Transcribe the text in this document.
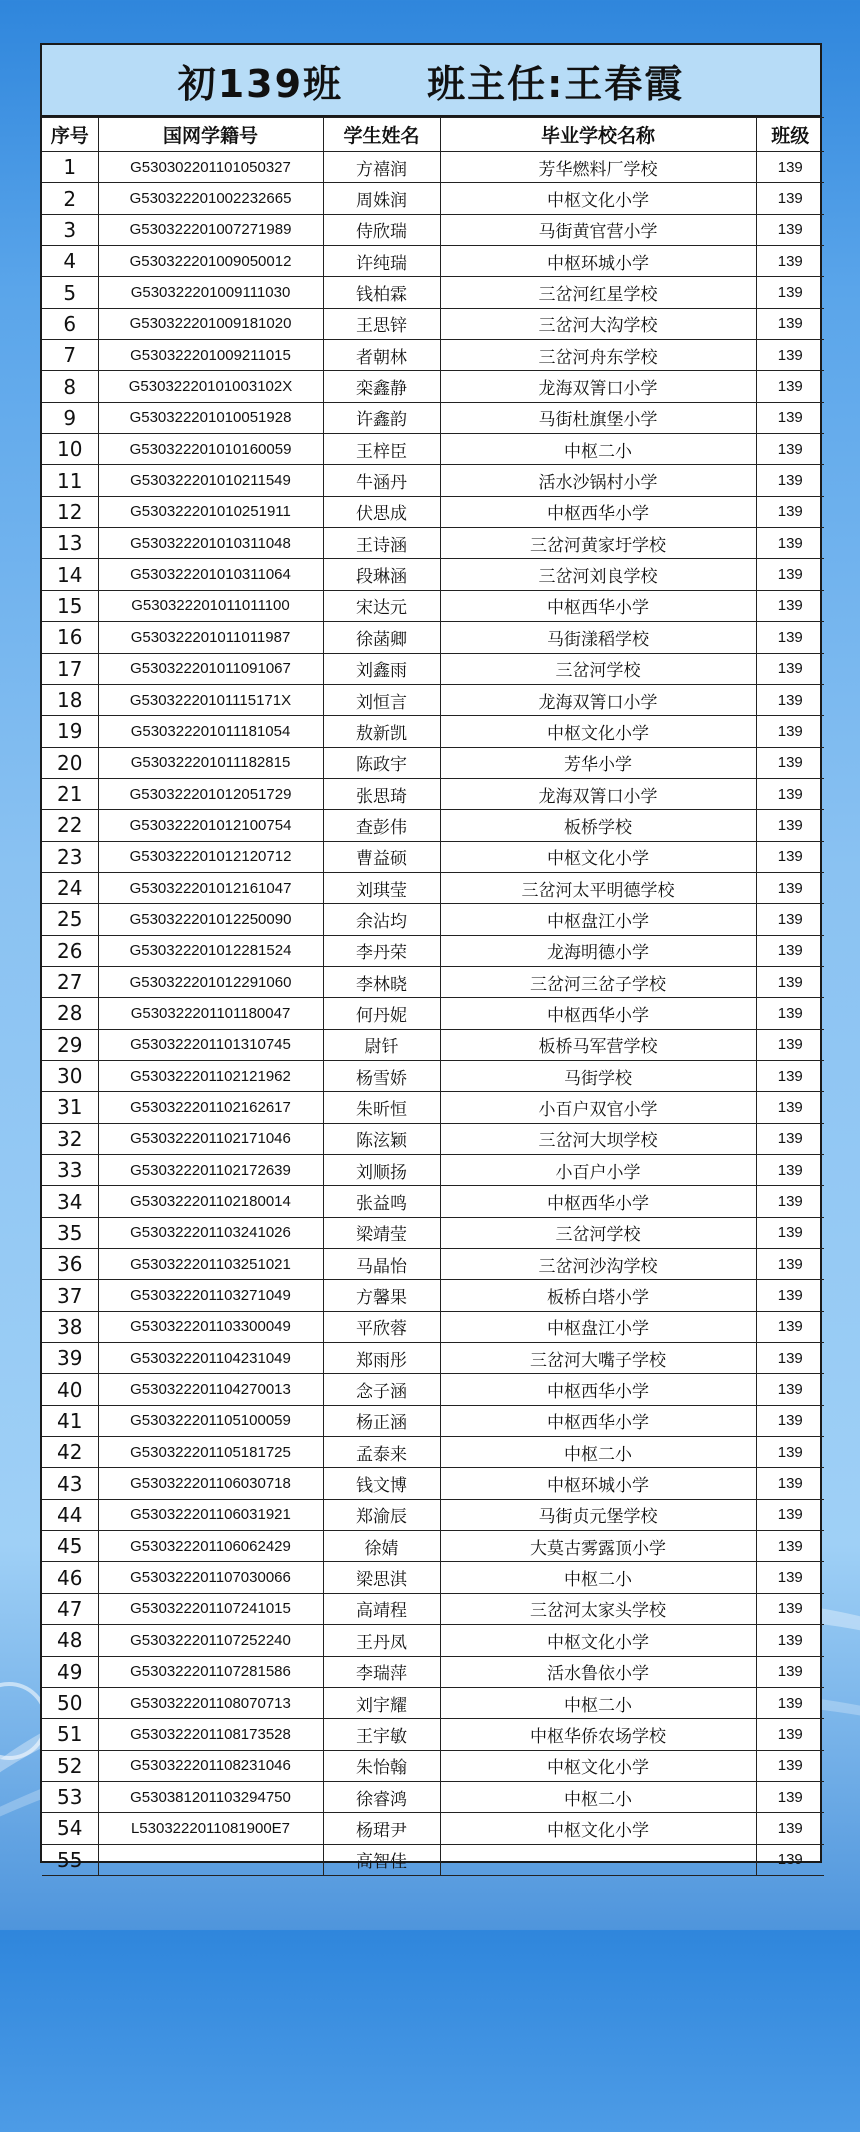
初139班 班主任:王春霞
序号	国网学籍号	学生姓名	毕业学校名称	班级
1	G530302201101050327	方禧润	芳华燃料厂学校	139
2	G530322201002232665	周姝润	中枢文化小学	139
3	G530322201007271989	侍欣瑞	马街黄官营小学	139
4	G530322201009050012	许纯瑞	中枢环城小学	139
5	G530322201009111030	钱柏霖	三岔河红星学校	139
6	G530322201009181020	王思锌	三岔河大沟学校	139
7	G530322201009211015	者朝林	三岔河舟东学校	139
8	G53032220101003102X	栾鑫静	龙海双箐口小学	139
9	G530322201010051928	许鑫韵	马街杜旗堡小学	139
10	G530322201010160059	王梓臣	中枢二小	139
11	G530322201010211549	牛涵丹	活水沙锅村小学	139
12	G530322201010251911	伏思成	中枢西华小学	139
13	G530322201010311048	王诗涵	三岔河黄家圩学校	139
14	G530322201010311064	段琳涵	三岔河刘良学校	139
15	G530322201011011100	宋达元	中枢西华小学	139
16	G530322201011011987	徐菡卿	马街漾稻学校	139
17	G530322201011091067	刘鑫雨	三岔河学校	139
18	G53032220101115171X	刘恒言	龙海双箐口小学	139
19	G530322201011181054	敖新凯	中枢文化小学	139
20	G530322201011182815	陈政宇	芳华小学	139
21	G530322201012051729	张思琦	龙海双箐口小学	139
22	G530322201012100754	查彭伟	板桥学校	139
23	G530322201012120712	曹益硕	中枢文化小学	139
24	G530322201012161047	刘琪莹	三岔河太平明德学校	139
25	G530322201012250090	余沾均	中枢盘江小学	139
26	G530322201012281524	李丹荣	龙海明德小学	139
27	G530322201012291060	李林晓	三岔河三岔子学校	139
28	G530322201101180047	何丹妮	中枢西华小学	139
29	G530322201101310745	尉钎	板桥马军营学校	139
30	G530322201102121962	杨雪娇	马街学校	139
31	G530322201102162617	朱昕恒	小百户双官小学	139
32	G530322201102171046	陈泫颖	三岔河大坝学校	139
33	G530322201102172639	刘顺扬	小百户小学	139
34	G530322201102180014	张益鸣	中枢西华小学	139
35	G530322201103241026	梁靖莹	三岔河学校	139
36	G530322201103251021	马晶怡	三岔河沙沟学校	139
37	G530322201103271049	方馨果	板桥白塔小学	139
38	G530322201103300049	平欣蓉	中枢盘江小学	139
39	G530322201104231049	郑雨彤	三岔河大嘴子学校	139
40	G530322201104270013	念子涵	中枢西华小学	139
41	G530322201105100059	杨正涵	中枢西华小学	139
42	G530322201105181725	孟泰来	中枢二小	139
43	G530322201106030718	钱文博	中枢环城小学	139
44	G530322201106031921	郑渝辰	马街贞元堡学校	139
45	G530322201106062429	徐婧	大莫古雾露顶小学	139
46	G530322201107030066	梁思淇	中枢二小	139
47	G530322201107241015	高靖程	三岔河太家头学校	139
48	G530322201107252240	王丹凤	中枢文化小学	139
49	G530322201107281586	李瑞萍	活水鲁依小学	139
50	G530322201108070713	刘宇耀	中枢二小	139
51	G530322201108173528	王宇敏	中枢华侨农场学校	139
52	G530322201108231046	朱怡翰	中枢文化小学	139
53	G530381201103294750	徐睿鸿	中枢二小	139
54	L5303222011081900E7	杨珺尹	中枢文化小学	139
55		高智佳		139
